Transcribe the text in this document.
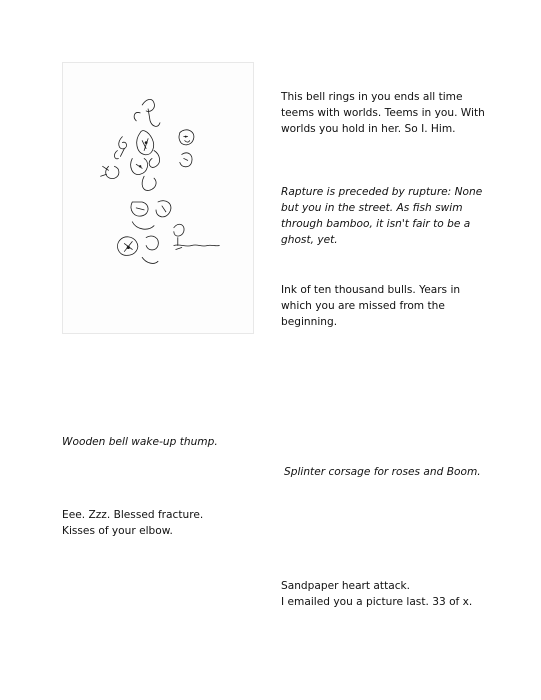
This bell rings in you ends all time
teems with worlds. Teems in you. With
worlds you hold in her. So I. Him.
Rapture is preceded by rupture: None
but you in the street. As fish swim
through bamboo, it isn't fair to be a
ghost, yet.
Ink of ten thousand bulls. Years in
which you are missed from the
beginning.
Wooden bell wake-up thump.
Splinter corsage for roses and Boom.
Eee. Zzz. Blessed fracture.
Kisses of your elbow.
Sandpaper heart attack.
I emailed you a picture last. 33 of x.
